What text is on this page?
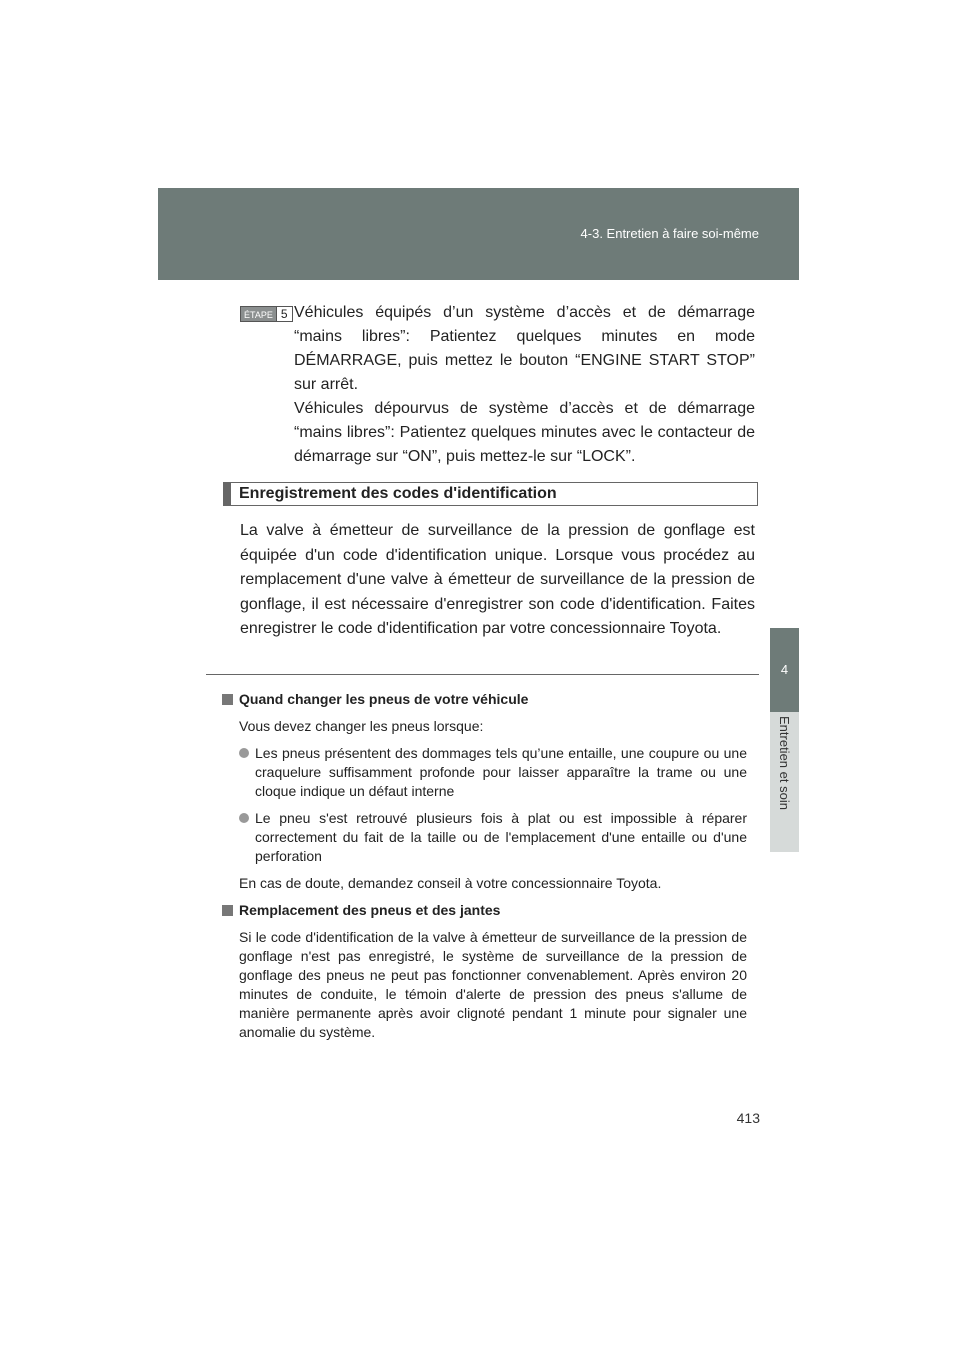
4-3. Entretien à faire soi-même
4
Entretien et soin
ÉTAPE 5 Véhicules équipés d’un système d’accès et de démarrage “mains libres”: Patientez quelques minutes en mode DÉMARRAGE, puis mettez le bouton “ENGINE START STOP” sur arrêt.

Véhicules dépourvus de système d’accès et de démarrage “mains libres”: Patientez quelques minutes avec le contacteur de démarrage sur “ON”, puis mettez-le sur “LOCK”.

Enregistrement des codes d'identification

La valve à émetteur de surveillance de la pression de gonflage est équipée d'un code d'identification unique. Lorsque vous procédez au remplacement d'une valve à émetteur de surveillance de la pression de gonflage, il est nécessaire d'enregistrer son code d'identification. Faites enregistrer le code d'identification par votre concessionnaire Toyota.

Quand changer les pneus de votre véhicule

Vous devez changer les pneus lorsque:

Les pneus présentent des dommages tels qu’une entaille, une coupure ou une craquelure suffisamment profonde pour laisser apparaître la trame ou une cloque indique un défaut interne
Le pneu s'est retrouvé plusieurs fois à plat ou est impossible à réparer correctement du fait de la taille ou de l'emplacement d'une entaille ou d'une perforation

En cas de doute, demandez conseil à votre concessionnaire Toyota.

Remplacement des pneus et des jantes

Si le code d'identification de la valve à émetteur de surveillance de la pression de gonflage n'est pas enregistré, le système de surveillance de la pression de gonflage des pneus ne peut pas fonctionner convenablement. Après environ 20 minutes de conduite, le témoin d'alerte de pression des pneus s'allume de manière permanente après avoir clignoté pendant 1 minute pour signaler une anomalie du système.

413
